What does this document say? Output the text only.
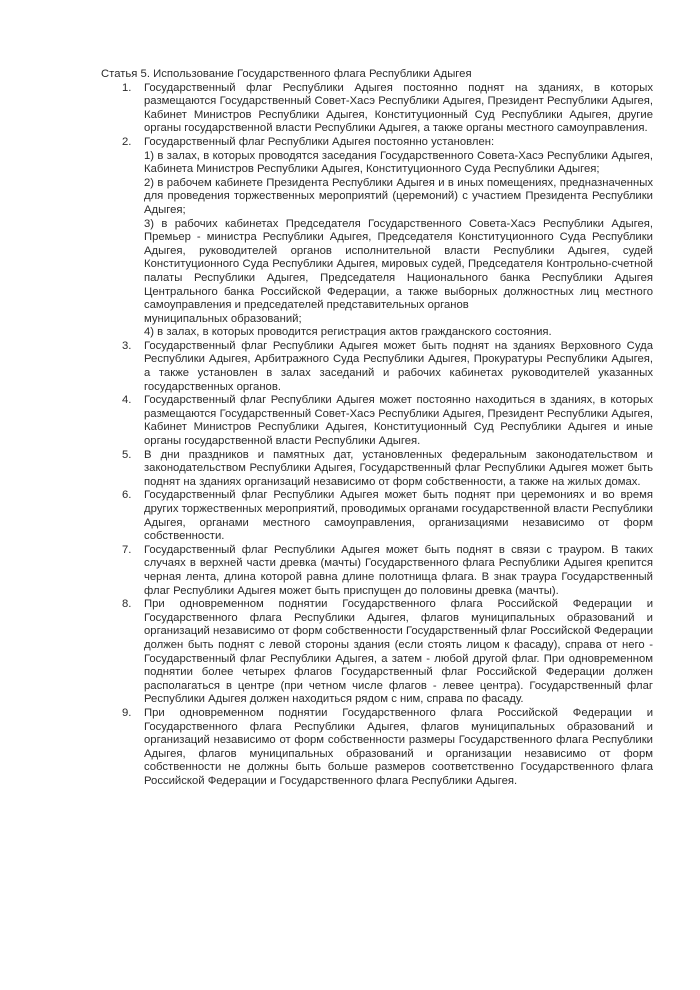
Статья 5. Использование Государственного флага Республики Адыгея

1. Государственный флаг Республики Адыгея постоянно поднят на зданиях, в которых размещаются Государственный Совет-Хасэ Республики Адыгея, Президент Республики Адыгея, Кабинет Министров Республики Адыгея, Конституционный Суд Республики Адыгея, другие органы государственной власти Республики Адыгея, а также органы местного самоуправления.
2. Государственный флаг Республики Адыгея постоянно установлен:
1) в залах, в которых проводятся заседания Государственного Совета-Хасэ Республики Адыгея, Кабинета Министров Республики Адыгея, Конституционного Суда Республики Адыгея;
2) в рабочем кабинете Президента Республики Адыгея и в иных помещениях, предназначенных для проведения торжественных мероприятий (церемоний) с участием Президента Республики Адыгея;
3) в рабочих кабинетах Председателя Государственного Совета-Хасэ Республики Адыгея, Премьер - министра Республики Адыгея, Председателя Конституционного Суда Республики Адыгея, руководителей органов исполнительной власти Республики Адыгея, судей Конституционного Суда Республики Адыгея, мировых судей, Председателя Контрольно-счетной палаты Республики Адыгея, Председателя Национального банка Республики Адыгея Центрального банка Российской Федерации, а также выборных должностных лиц местного самоуправления и председателей представительных органов
муниципальных образований;
4) в залах, в которых проводится регистрация актов гражданского состояния.
3. Государственный флаг Республики Адыгея может быть поднят на зданиях Верховного Суда Республики Адыгея, Арбитражного Суда Республики Адыгея, Прокуратуры Республики Адыгея, а также установлен в залах заседаний и рабочих кабинетах руководителей указанных государственных органов.
4. Государственный флаг Республики Адыгея может постоянно находиться в зданиях, в которых размещаются Государственный Совет-Хасэ Республики Адыгея, Президент Республики Адыгея, Кабинет Министров Республики Адыгея, Конституционный Суд Республики Адыгея и иные органы государственной власти Республики Адыгея.
5. В дни праздников и памятных дат, установленных федеральным законодательством и законодательством Республики Адыгея, Государственный флаг Республики Адыгея может быть поднят на зданиях организаций независимо от форм собственности, а также на жилых домах.
6. Государственный флаг Республики Адыгея может быть поднят при церемониях и во время других торжественных мероприятий, проводимых органами государственной власти Республики Адыгея, органами местного самоуправления, организациями независимо от форм собственности.
7. Государственный флаг Республики Адыгея может быть поднят в связи с трауром. В таких случаях в верхней части древка (мачты) Государственного флага Республики Адыгея крепится черная лента, длина которой равна длине полотнища флага. В знак траура Государственный флаг Республики Адыгея может быть приспущен до половины древка (мачты).
8. При одновременном поднятии Государственного флага Российской Федерации и Государственного флага Республики Адыгея, флагов муниципальных образований и организаций независимо от форм собственности Государственный флаг Российской Федерации должен быть поднят с левой стороны здания (если стоять лицом к фасаду), справа от него - Государственный флаг Республики Адыгея, а затем - любой другой флаг. При одновременном поднятии более четырех флагов Государственный флаг Российской Федерации должен располагаться в центре (при четном числе флагов - левее центра). Государственный флаг Республики Адыгея должен находиться рядом с ним, справа по фасаду.
9. При одновременном поднятии Государственного флага Российской Федерации и Государственного флага Республики Адыгея, флагов муниципальных образований и организаций независимо от форм собственности размеры Государственного флага Республики Адыгея, флагов муниципальных образований и организации независимо от форм собственности не должны быть больше размеров соответственно Государственного флага Российской Федерации и Государственного флага Республики Адыгея.
